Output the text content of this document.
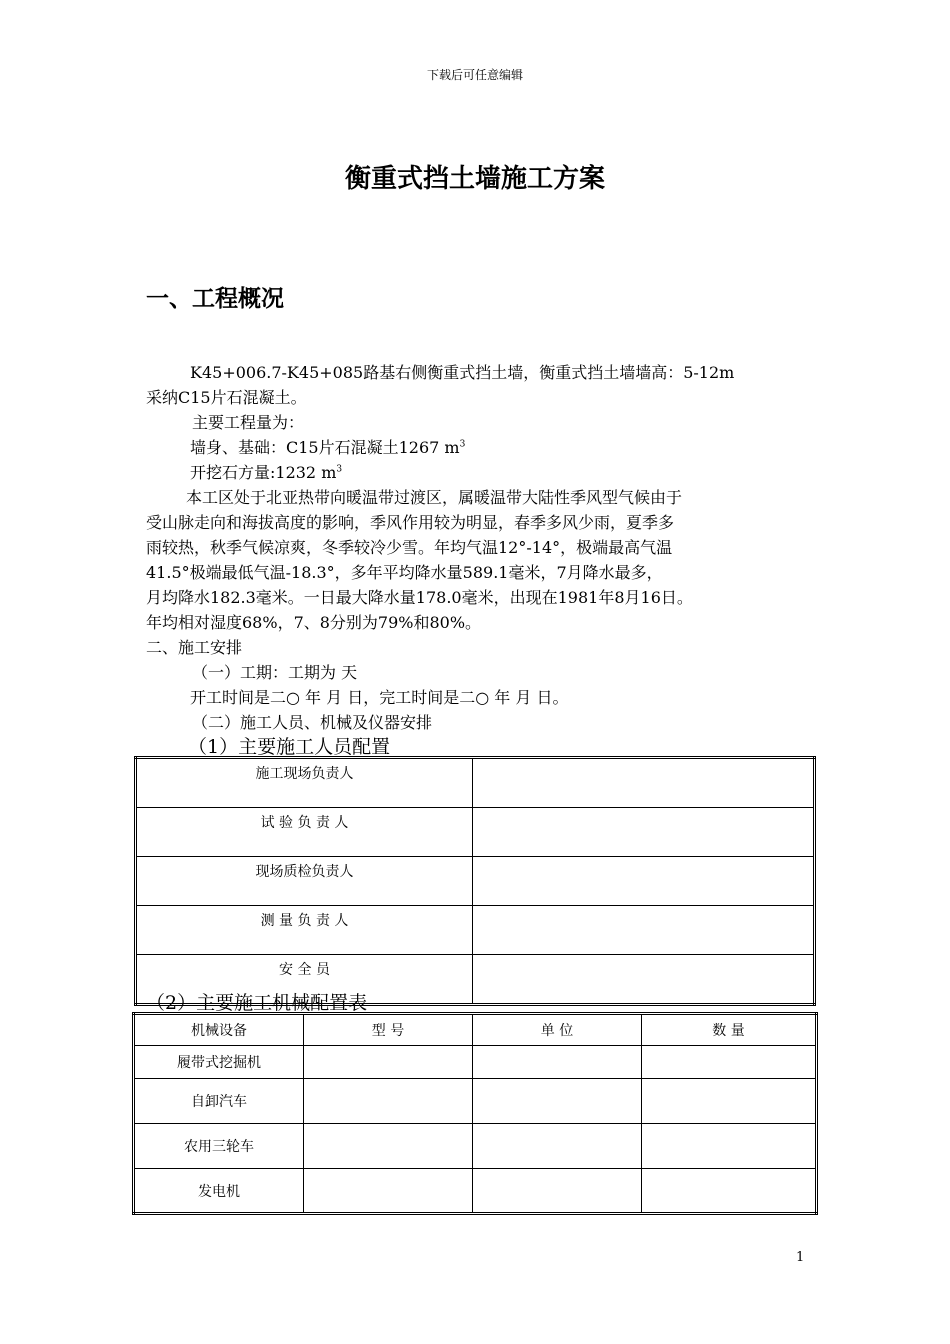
下载后可任意编辑
衡重式挡土墙施工方案
一、工程概况
K45+006.7-K45+085路基右侧衡重式挡土墙，衡重式挡土墙墙高：5-12m
采纳C15片石混凝土。
主要工程量为：
墙身、基础：C15片石混凝土1267 $m^3$
开挖石方量:1232 $m^3$
本工区处于北亚热带向暖温带过渡区，属暖温带大陆性季风型气候由于
受山脉走向和海拔高度的影响，季风作用较为明显，春季多风少雨，夏季多
雨较热，秋季气候凉爽，冬季较冷少雪。年均气温12°-14°，极端最高气温
41.5°极端最低气温-18.3°，多年平均降水量589.1毫米，7月降水最多，
月均降水182.3毫米。一日最大降水量178.0毫米，出现在1981年8月16日。
年均相对湿度68%，7、8分别为79%和80%。
二、施工安排
（一）工期：工期为 天
开工时间是二○ 年 月 日，完工时间是二○ 年 月 日。
（二）施工人员、机械及仪器安排
（1）主要施工人员配置
施工现场负责人	
试 验 负 责 人	
现场质检负责人	
测 量 负 责 人	
安 全 员	
（2）主要施工机械配置表
机械设备	型 号	单 位	数 量
履带式挖掘机			
自卸汽车			
农用三轮车			
发电机			
1
